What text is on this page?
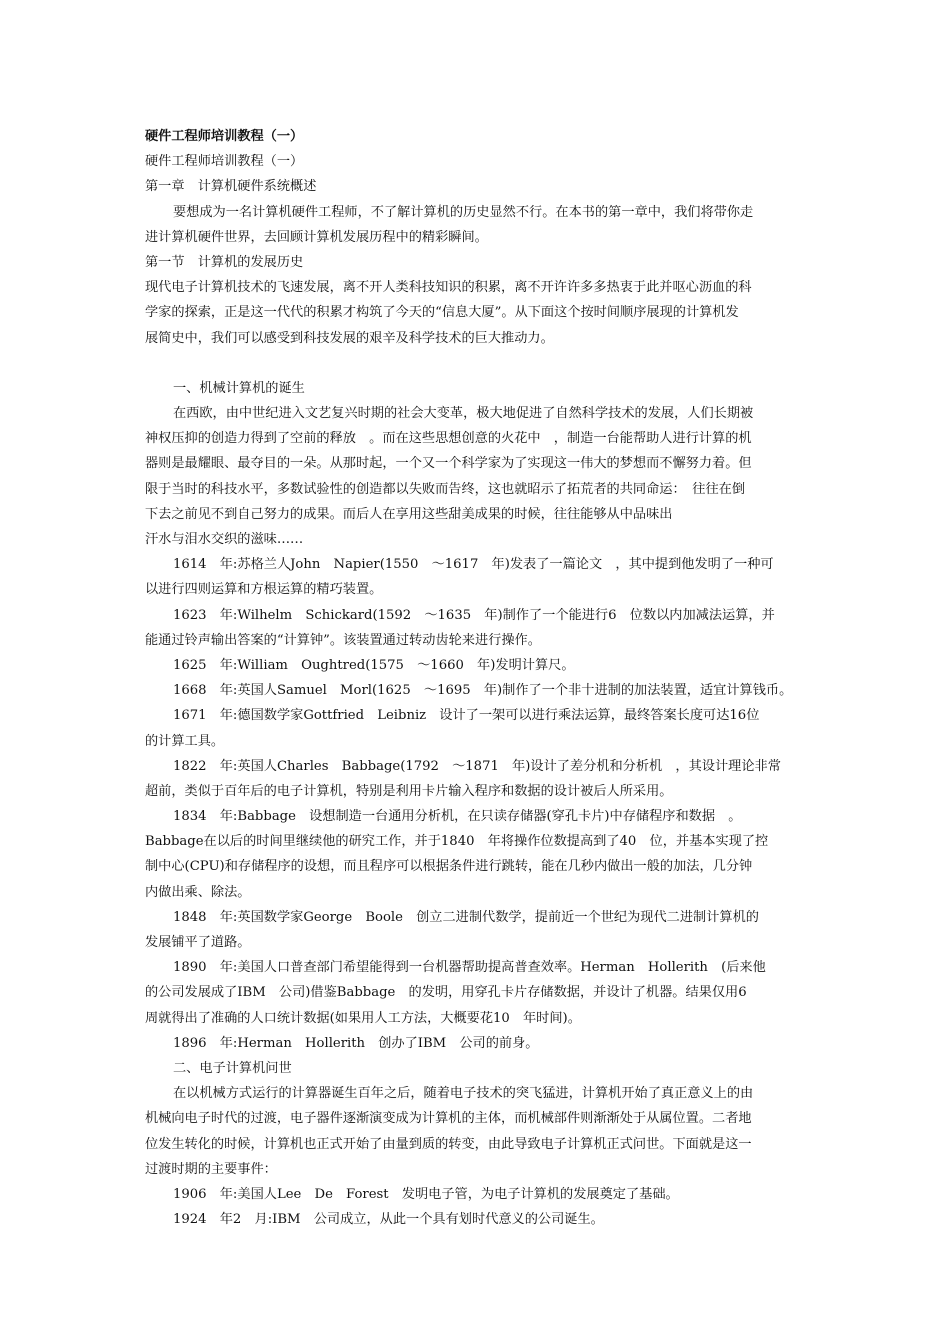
硬件工程师培训教程（一）
硬件工程师培训教程（一）
第一章　计算机硬件系统概述
要想成为一名计算机硬件工程师，不了解计算机的历史显然不行。在本书的第一章中，我们将带你走
进计算机硬件世界，去回顾计算机发展历程中的精彩瞬间。
第一节　计算机的发展历史
现代电子计算机技术的飞速发展，离不开人类科技知识的积累，离不开许许多多热衷于此并呕心沥血的科
学家的探索，正是这一代代的积累才构筑了今天的“信息大厦”。从下面这个按时间顺序展现的计算机发
展简史中，我们可以感受到科技发展的艰辛及科学技术的巨大推动力。
一、机械计算机的诞生
在西欧，由中世纪进入文艺复兴时期的社会大变革，极大地促进了自然科学技术的发展，人们长期被
神权压抑的创造力得到了空前的释放　。而在这些思想创意的火花中　，制造一台能帮助人进行计算的机
器则是最耀眼、最夺目的一朵。从那时起，一个又一个科学家为了实现这一伟大的梦想而不懈努力着。但
限于当时的科技水平，多数试验性的创造都以失败而告终，这也就昭示了拓荒者的共同命运：　往往在倒
下去之前见不到自己努力的成果。而后人在享用这些甜美成果的时候，往往能够从中品味出
汗水与泪水交织的滋味……
1614　年:苏格兰人John　Napier(1550　～1617　年)发表了一篇论文　，其中提到他发明了一种可
以进行四则运算和方根运算的精巧装置。
1623　年:Wilhelm　Schickard(1592　～1635　年)制作了一个能进行6　位数以内加减法运算，并
能通过铃声输出答案的“计算钟”。该装置通过转动齿轮来进行操作。
1625　年:William　Oughtred(1575　～1660　年)发明计算尺。
1668　年:英国人Samuel　Morl(1625　～1695　年)制作了一个非十进制的加法装置，适宜计算钱币。
1671　年:德国数学家Gottfried　Leibniz　设计了一架可以进行乘法运算，最终答案长度可达16位
的计算工具。
1822　年:英国人Charles　Babbage(1792　～1871　年)设计了差分机和分析机　，其设计理论非常
超前，类似于百年后的电子计算机，特别是利用卡片输入程序和数据的设计被后人所采用。
1834　年:Babbage　设想制造一台通用分析机，在只读存储器(穿孔卡片)中存储程序和数据　。
Babbage在以后的时间里继续他的研究工作，并于1840　年将操作位数提高到了40　位，并基本实现了控
制中心(CPU)和存储程序的设想，而且程序可以根据条件进行跳转，能在几秒内做出一般的加法，几分钟
内做出乘、除法。
1848　年:英国数学家George　Boole　创立二进制代数学，提前近一个世纪为现代二进制计算机的
发展铺平了道路。
1890　年:美国人口普查部门希望能得到一台机器帮助提高普查效率。Herman　Hollerith　(后来他
的公司发展成了IBM　公司)借鉴Babbage　的发明，用穿孔卡片存储数据，并设计了机器。结果仅用6
周就得出了准确的人口统计数据(如果用人工方法，大概要花10　年时间)。
1896　年:Herman　Hollerith　创办了IBM　公司的前身。
二、电子计算机问世
在以机械方式运行的计算器诞生百年之后，随着电子技术的突飞猛进，计算机开始了真正意义上的由
机械向电子时代的过渡，电子器件逐渐演变成为计算机的主体，而机械部件则渐渐处于从属位置。二者地
位发生转化的时候，计算机也正式开始了由量到质的转变，由此导致电子计算机正式问世。下面就是这一
过渡时期的主要事件：
1906　年:美国人Lee　De　Forest　发明电子管，为电子计算机的发展奠定了基础。
1924　年2　月:IBM　公司成立，从此一个具有划时代意义的公司诞生。
